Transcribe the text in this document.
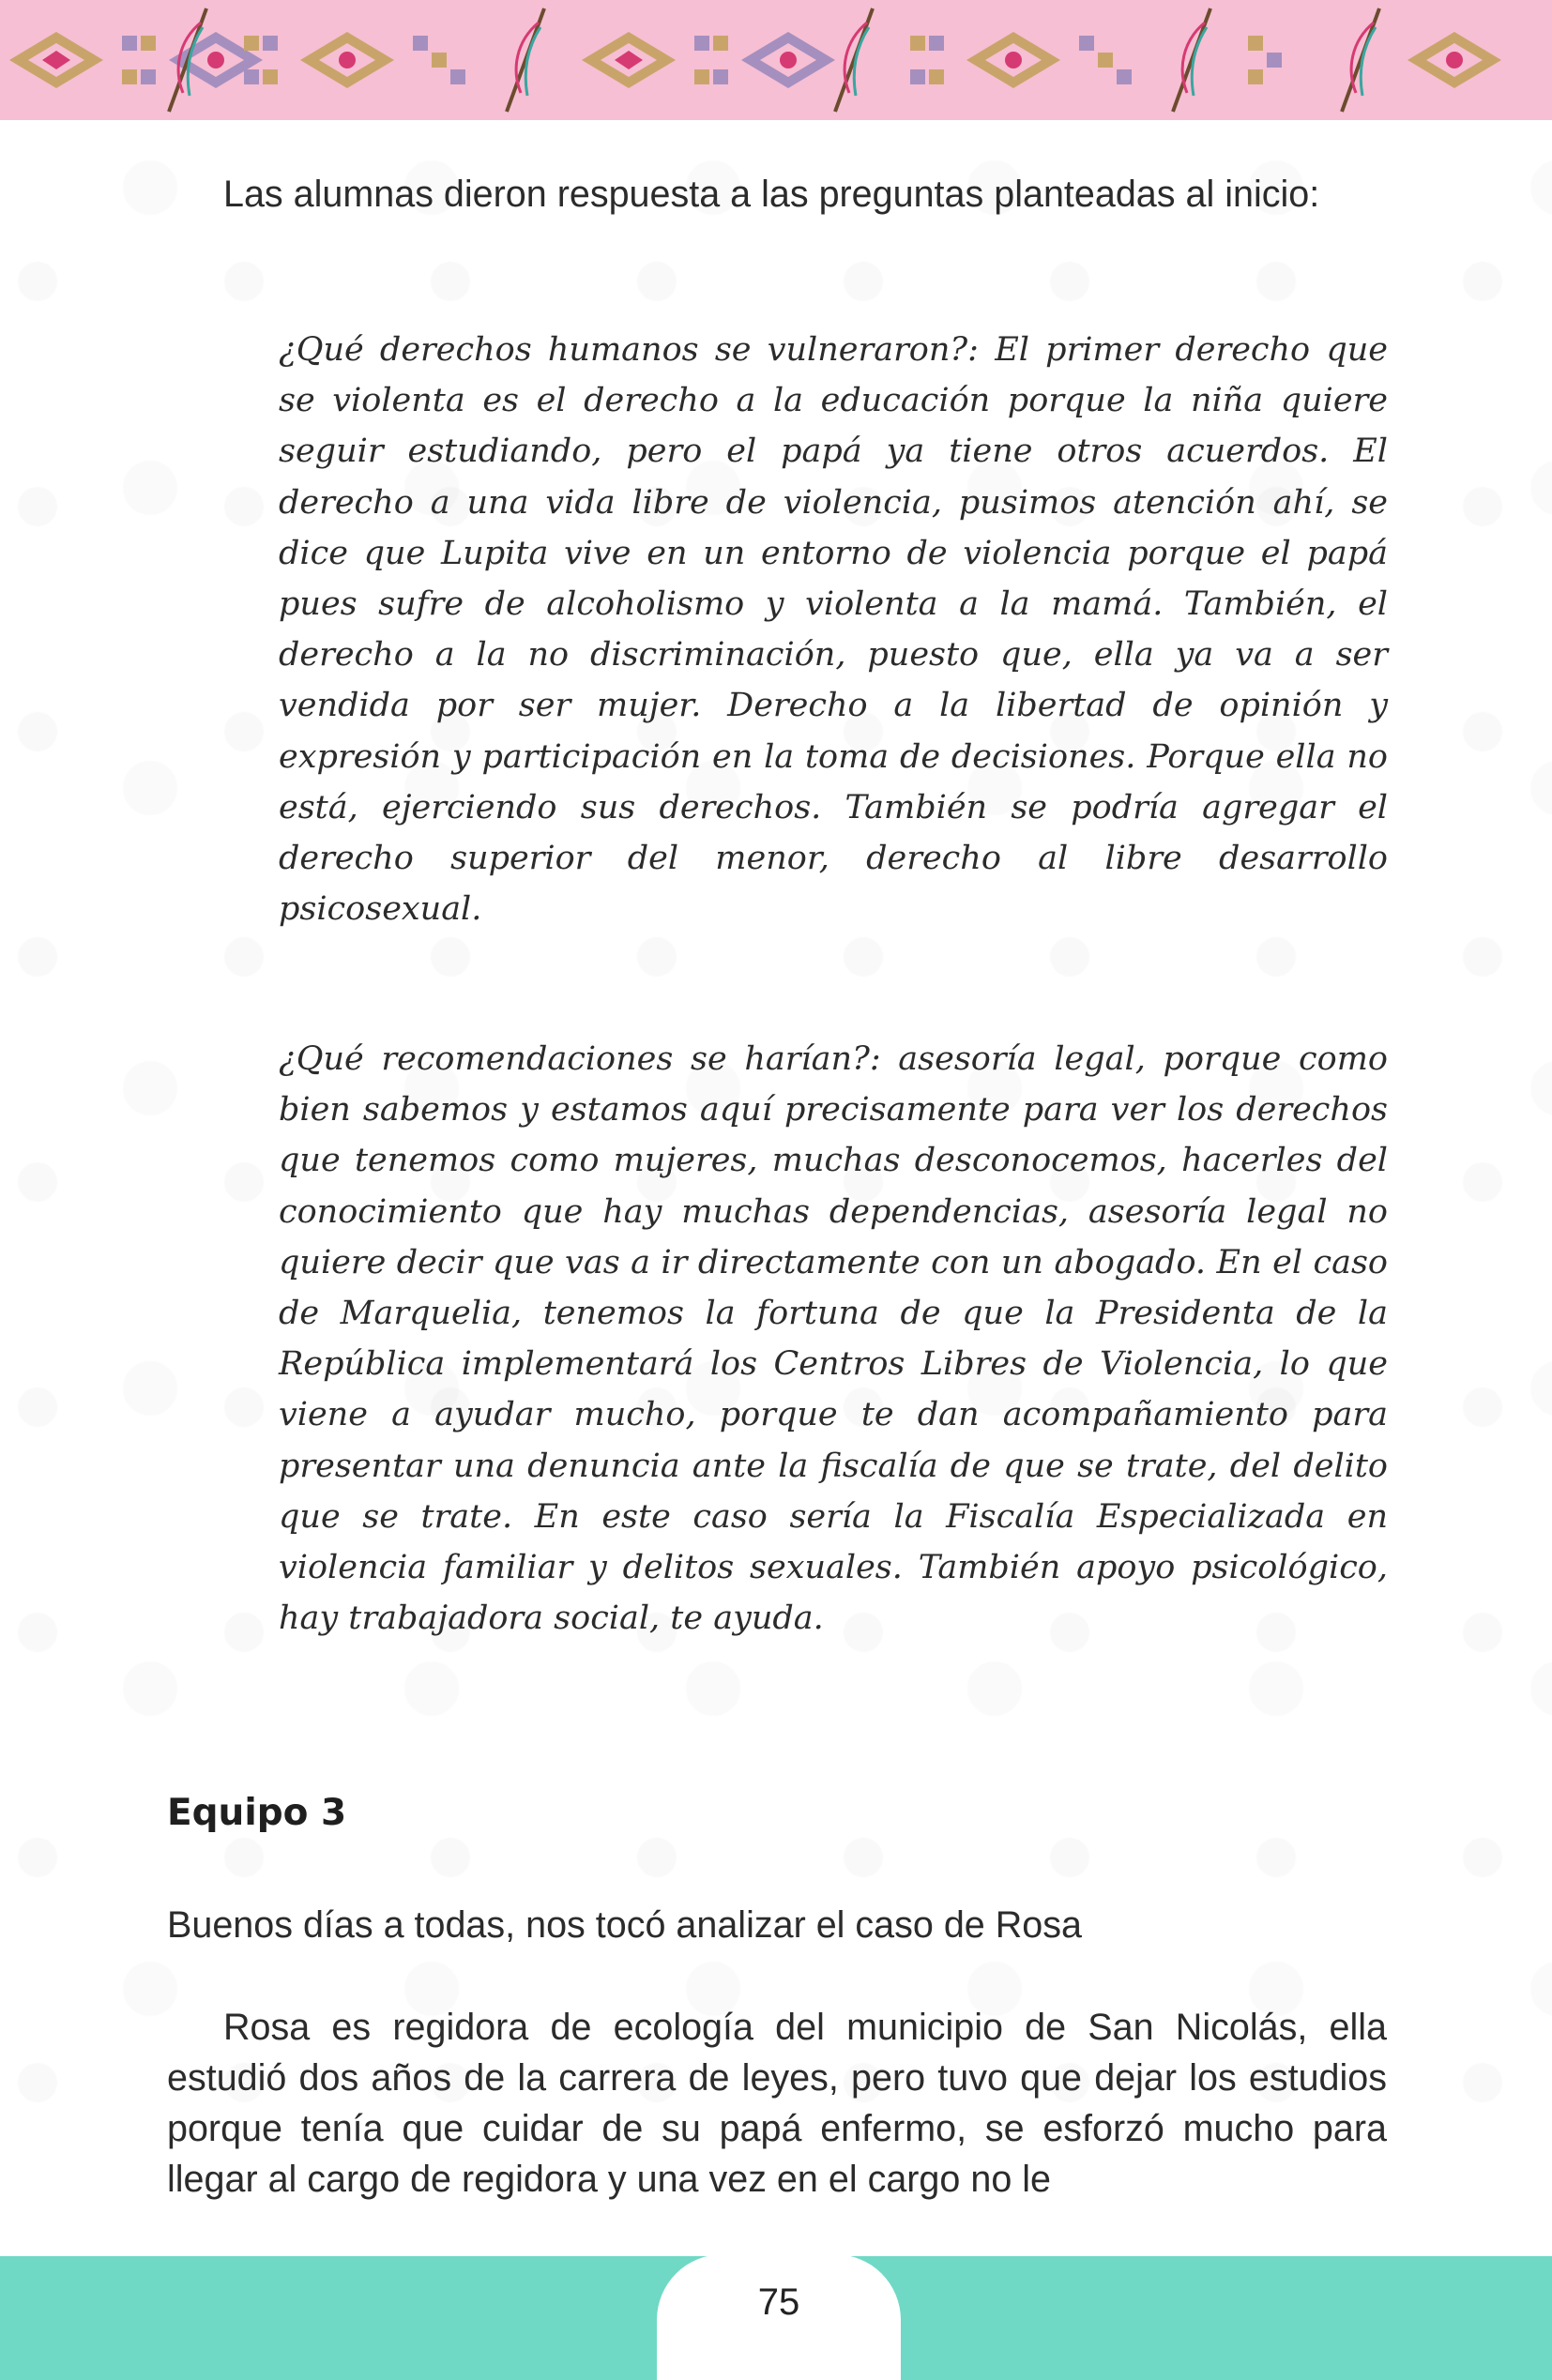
Las alumnas dieron respuesta a las preguntas planteadas al inicio:
¿Qué derechos humanos se vulneraron?: El primer derecho que se violenta es el derecho a la educación porque la niña quiere seguir estudiando, pero el papá ya tiene otros acuerdos. El derecho a una vida libre de violencia, pusimos atención ahí, se dice que Lupita vive en un entorno de violencia porque el papá pues sufre de alcoholismo y violenta a la mamá. También, el derecho a la no discriminación, puesto que, ella ya va a ser vendida por ser mujer. Derecho a la libertad de opinión y expresión y participación en la toma de decisiones. Porque ella no está, ejerciendo sus derechos. También se podría agregar el derecho superior del menor, derecho al libre desarrollo psicosexual.
¿Qué recomendaciones se harían?: asesoría legal, porque como bien sabemos y estamos aquí precisamente para ver los derechos que tenemos como mujeres, muchas desconocemos, hacerles del conocimiento que hay muchas dependencias, asesoría legal no quiere decir que vas a ir directamente con un abogado. En el caso de Marquelia, tenemos la fortuna de que la Presidenta de la República implementará los Centros Libres de Violencia, lo que viene a ayudar mucho, porque te dan acompañamiento para presentar una denuncia ante la fiscalía de que se trate, del delito que se trate. En este caso sería la Fiscalía Especializada en violencia familiar y delitos sexuales. También apoyo psicológico, hay trabajadora social, te ayuda.
Equipo 3
Buenos días a todas, nos tocó analizar el caso de Rosa
Rosa es regidora de ecología del municipio de San Nicolás, ella estudió dos años de la carrera de leyes, pero tuvo que dejar los estudios porque tenía que cuidar de su papá enfermo, se esforzó mucho para llegar al cargo de regidora y una vez en el cargo no le
75
